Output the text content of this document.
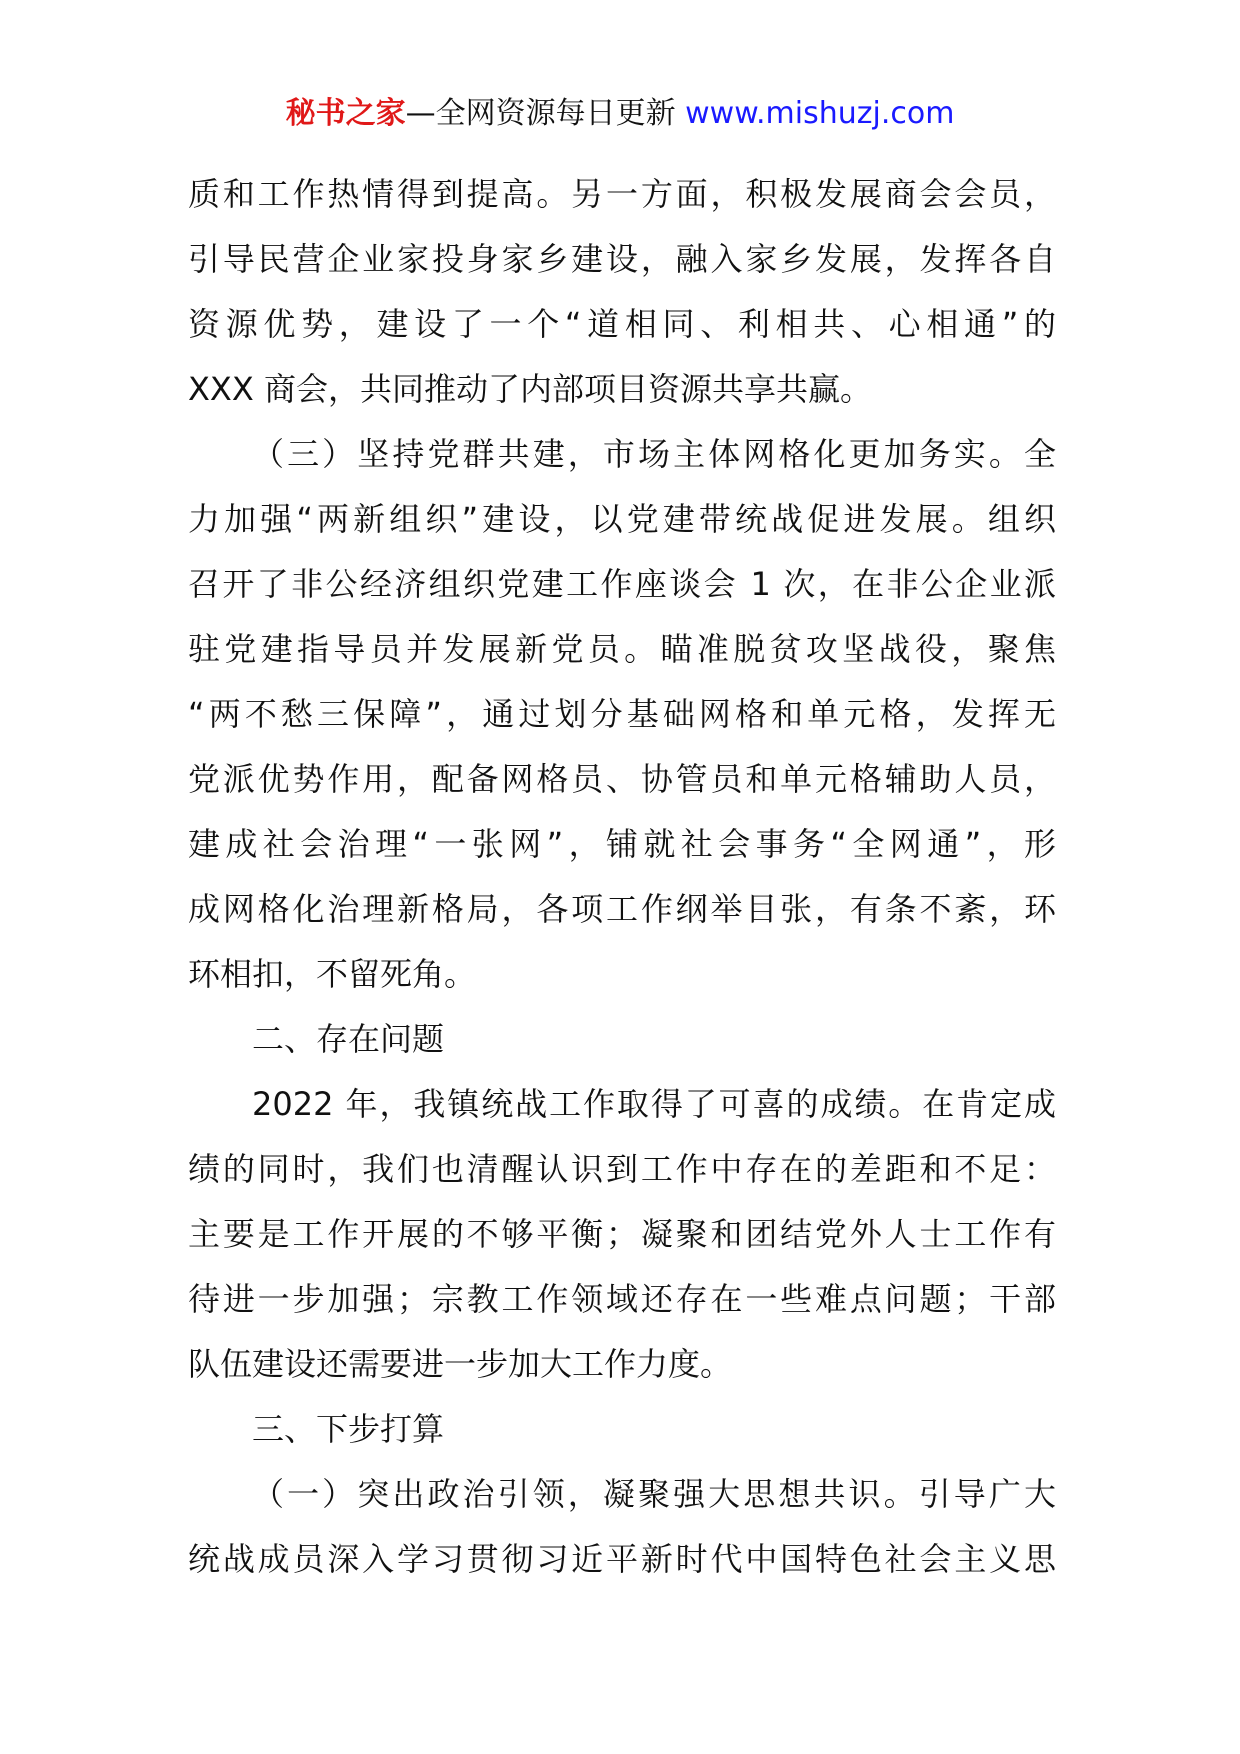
秘书之家—全网资源每日更新 www.mishuzj.com
质和工作热情得到提高。另一方面，积极发展商会会员，
引导民营企业家投身家乡建设，融入家乡发展，发挥各自
资源优势，建设了一个“道相同、利相共、心相通”的
XXX 商会，共同推动了内部项目资源共享共赢。
（三）坚持党群共建，市场主体网格化更加务实。全
力加强“两新组织”建设，以党建带统战促进发展。组织
召开了非公经济组织党建工作座谈会 1 次，在非公企业派
驻党建指导员并发展新党员。瞄准脱贫攻坚战役，聚焦
“两不愁三保障”，通过划分基础网格和单元格，发挥无
党派优势作用，配备网格员、协管员和单元格辅助人员，
建成社会治理“一张网”，铺就社会事务“全网通”，形
成网格化治理新格局，各项工作纲举目张，有条不紊，环
环相扣，不留死角。
二、存在问题
2022 年，我镇统战工作取得了可喜的成绩。在肯定成
绩的同时，我们也清醒认识到工作中存在的差距和不足：
主要是工作开展的不够平衡；凝聚和团结党外人士工作有
待进一步加强；宗教工作领域还存在一些难点问题；干部
队伍建设还需要进一步加大工作力度。
三、下步打算
（一）突出政治引领，凝聚强大思想共识。引导广大
统战成员深入学习贯彻习近平新时代中国特色社会主义思
